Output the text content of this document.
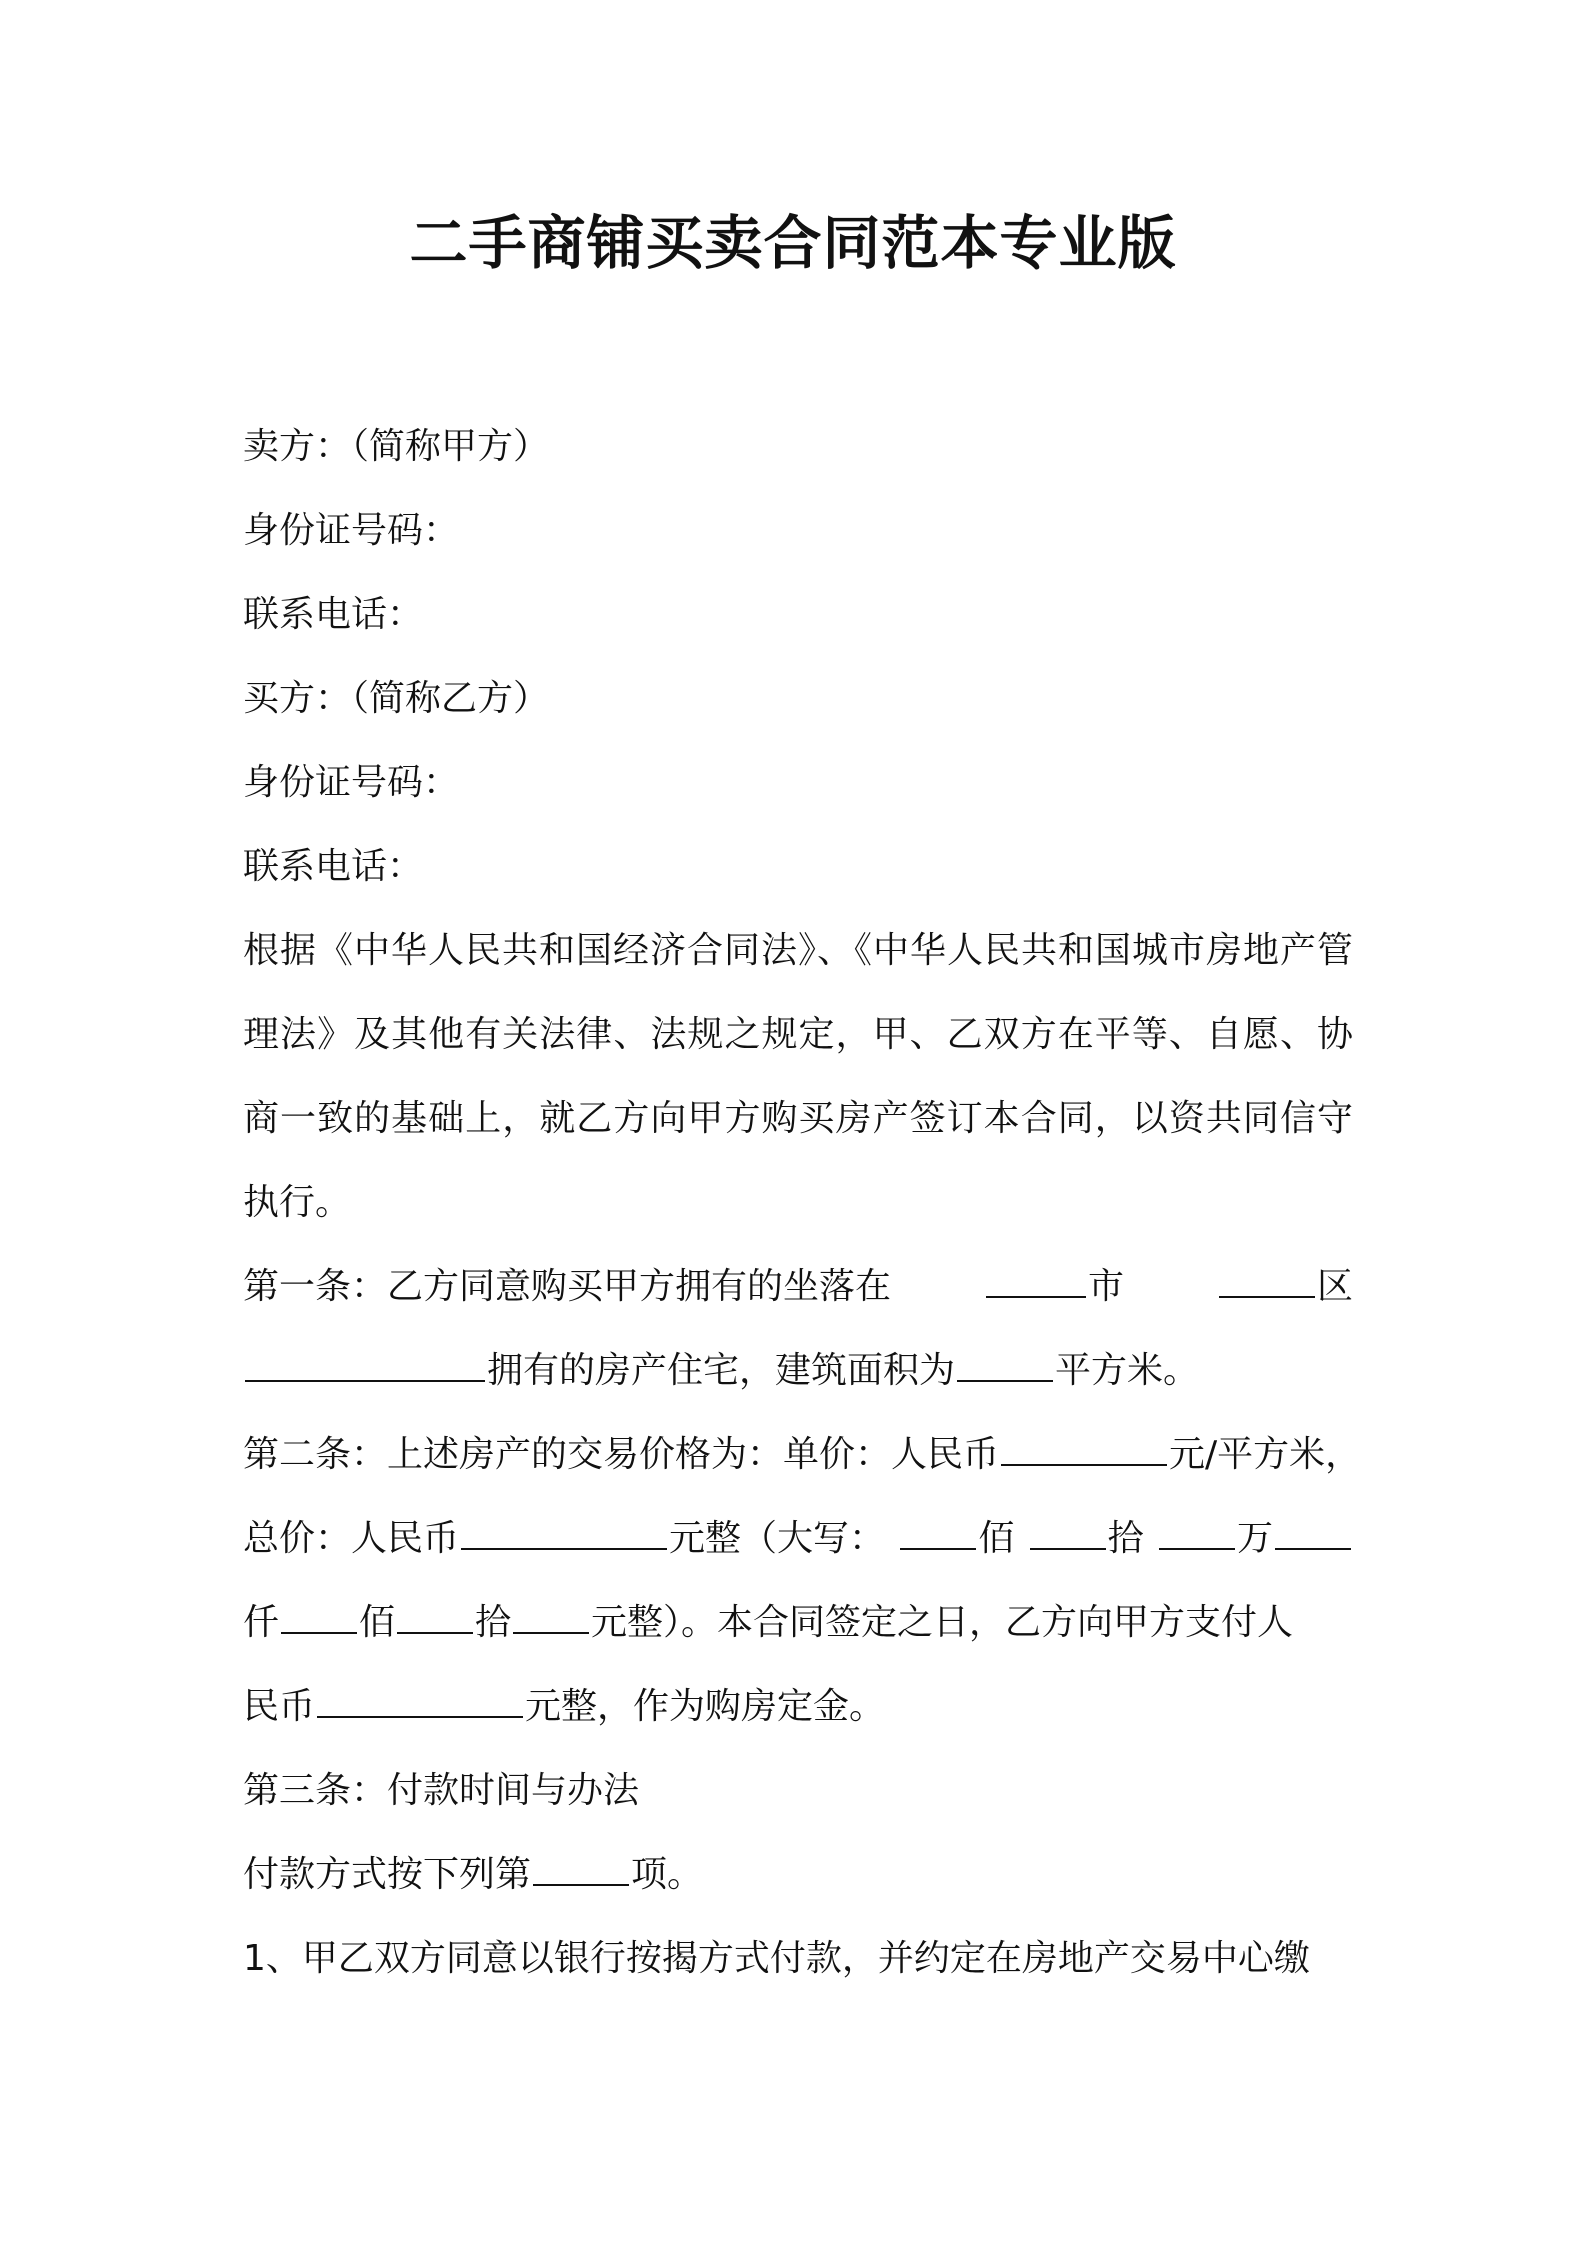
二手商铺买卖合同范本专业版
卖方：（简称甲方）
身份证号码：
联系电话：
买方：（简称乙方）
身份证号码：
联系电话：

根据《中华人民共和国经济合同法》、《中华人民共和国城市房地产管理法》及其他有关法律、法规之规定，甲、乙双方在平等、自愿、协商一致的基础上，就乙方向甲方购买房产签订本合同，以资共同信守执行。

第一条：乙方同意购买甲方拥有的坐落在	市	区
拥有的房产住宅，建筑面积为	平方米。
第二条：上述房产的交易价格为：单价：人民币	元/平方米，
总价：人民币	元整（大写：	佰	拾	万
仟 佰 拾 元整）。本合同签定之日，乙方向甲方支付人
民币	元整，作为购房定金。
第三条：付款时间与办法
付款方式按下列第	项。
1、甲乙双方同意以银行按揭方式付款，并约定在房地产交易中心缴
